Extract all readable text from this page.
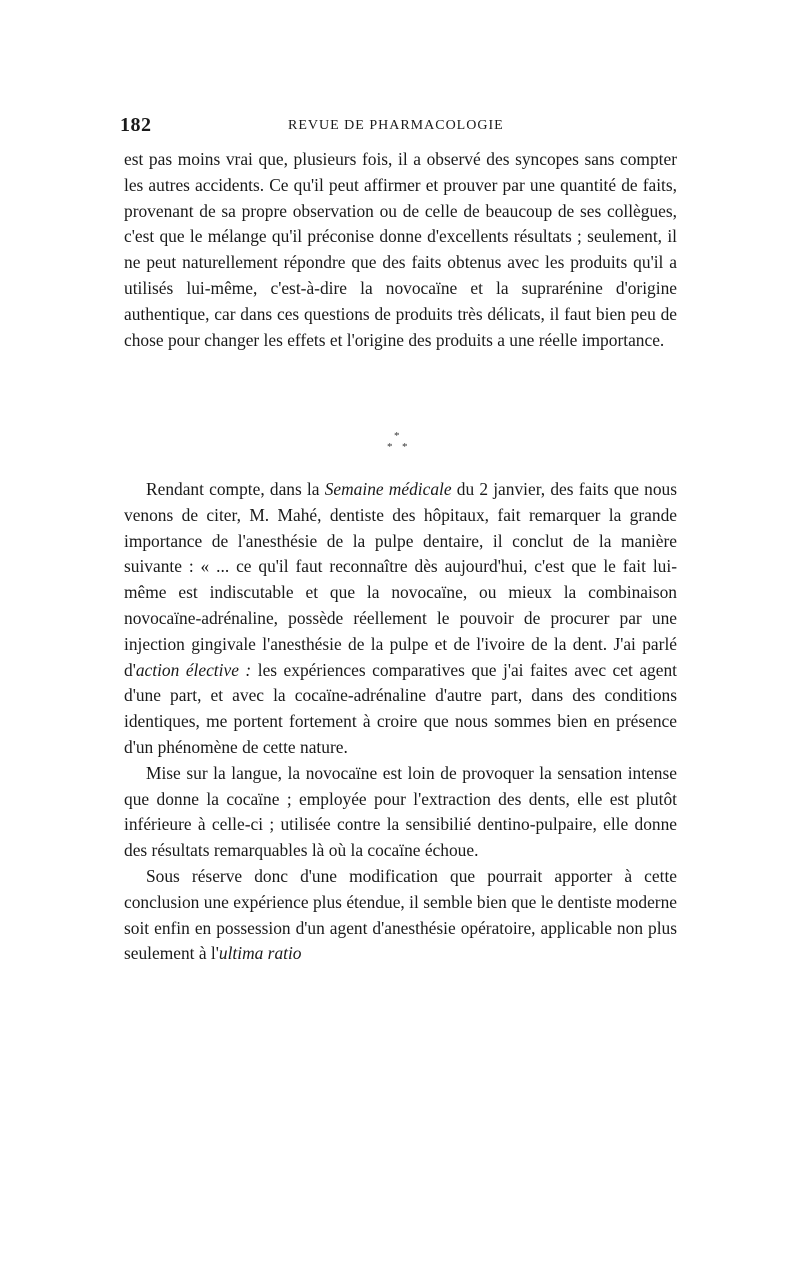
182	REVUE DE PHARMACOLOGIE

est pas moins vrai que, plusieurs fois, il a observé des syncopes sans compter les autres accidents. Ce qu'il peut affirmer et prouver par une quantité de faits, provenant de sa propre observation ou de celle de beaucoup de ses collègues, c'est que le mélange qu'il préconise donne d'excellents résultats ; seulement, il ne peut naturellement répondre que des faits obtenus avec les produits qu'il a utilisés lui-même, c'est-à-dire la novocaïne et la suprarénine d'origine authentique, car dans ces questions de produits très délicats, il faut bien peu de chose pour changer les effets et l'origine des produits a une réelle importance.

*
* *

Rendant compte, dans la Semaine médicale du 2 janvier, des faits que nous venons de citer, M. Mahé, dentiste des hôpitaux, fait remarquer la grande importance de l'anesthésie de la pulpe dentaire, il conclut de la manière suivante : « ... ce qu'il faut reconnaître dès aujourd'hui, c'est que le fait lui-même est indiscutable et que la novocaïne, ou mieux la combinaison novocaïne-adrénaline, possède réellement le pouvoir de procurer par une injection gingivale l'anesthésie de la pulpe et de l'ivoire de la dent. J'ai parlé d'action élective : les expériences comparatives que j'ai faites avec cet agent d'une part, et avec la cocaïne-adrénaline d'autre part, dans des conditions identiques, me portent fortement à croire que nous sommes bien en présence d'un phénomène de cette nature.

Mise sur la langue, la novocaïne est loin de provoquer la sensation intense que donne la cocaïne ; employée pour l'extraction des dents, elle est plutôt inférieure à celle-ci ; utilisée contre la sensibilié dentino-pulpaire, elle donne des résultats remarquables là où la cocaïne échoue.

Sous réserve donc d'une modification que pourrait apporter à cette conclusion une expérience plus étendue, il semble bien que le dentiste moderne soit enfin en possession d'un agent d'anesthésie opératoire, applicable non plus seulement à l'ultima ratio
